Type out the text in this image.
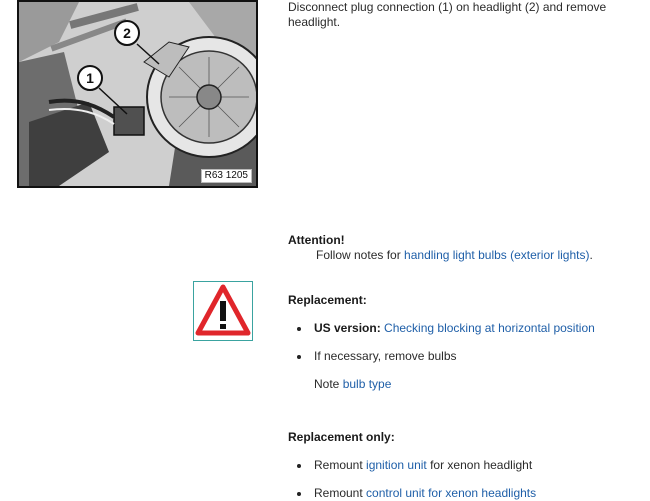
1
2
R63 1205
Disconnect plug connection (1) on headlight (2) and remove headlight.
Attention!
Follow notes for handling light bulbs (exterior lights).
Replacement:
US version: Checking blocking at horizontal position
If necessary, remove bulbs
Note bulb type
Replacement only:
Remount ignition unit for xenon headlight
Remount control unit for xenon headlights
